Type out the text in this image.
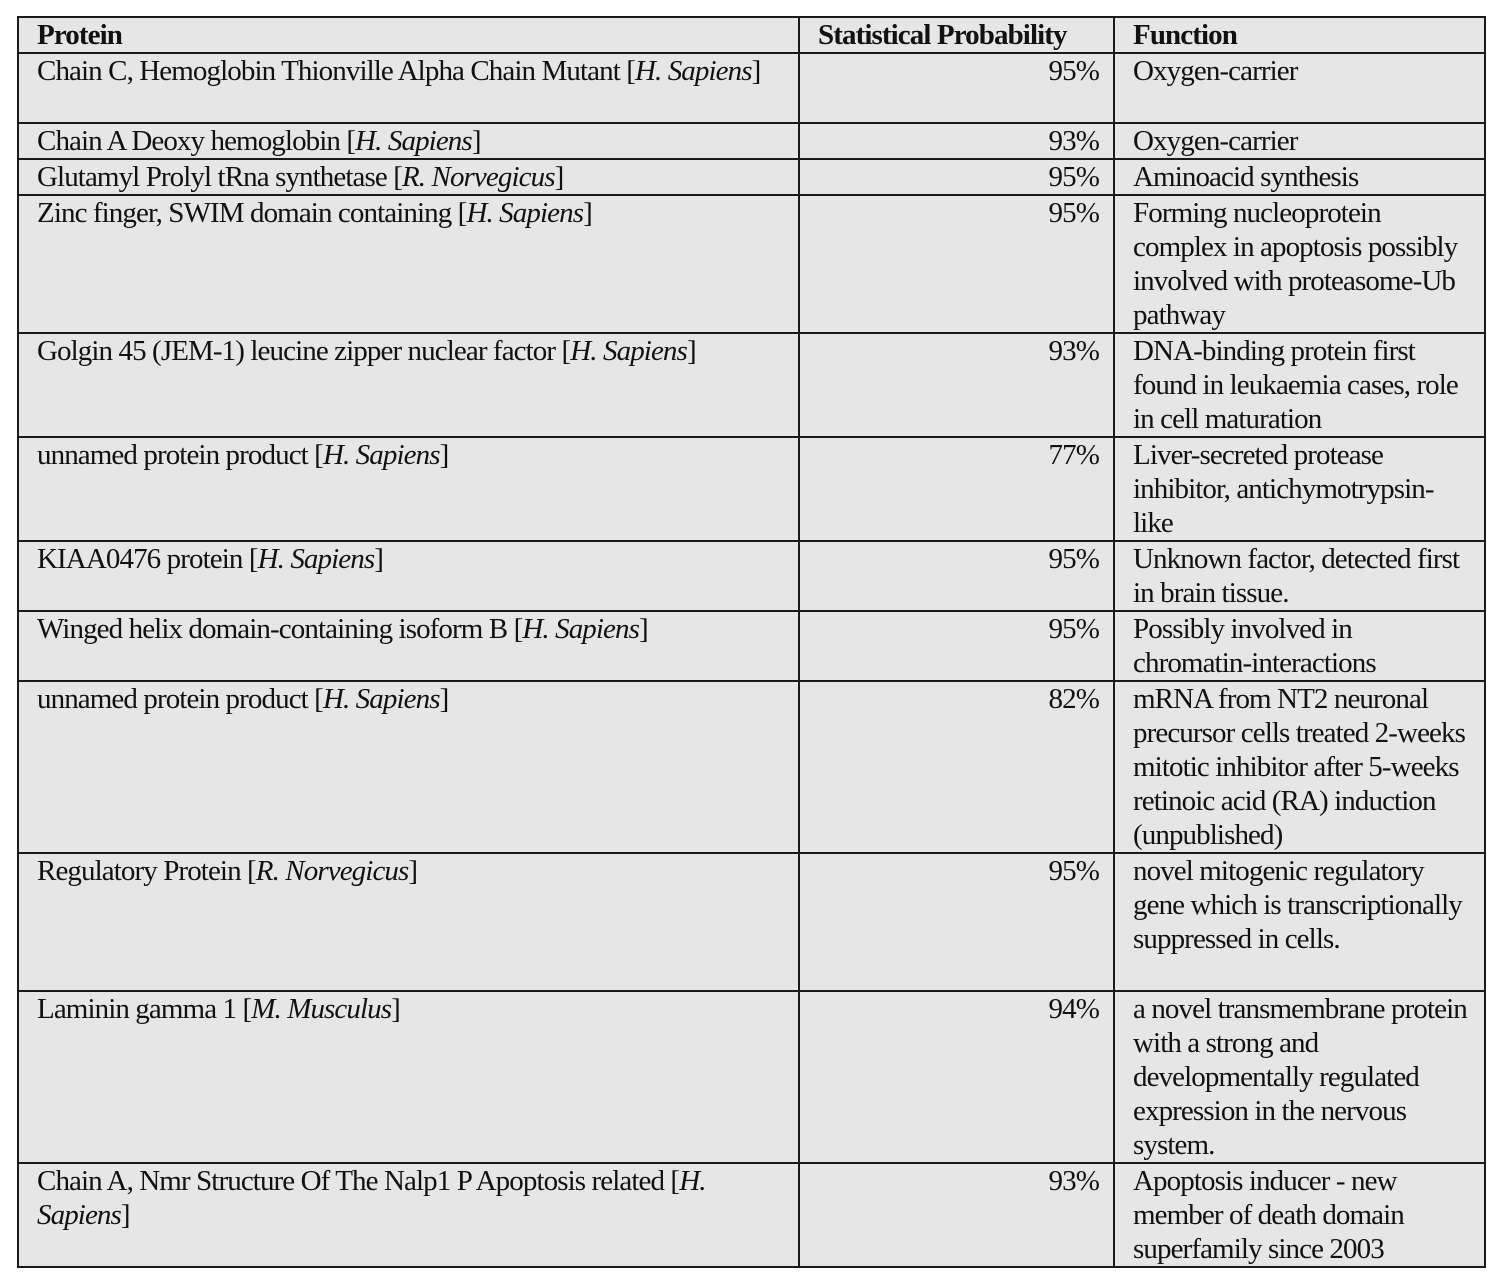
Protein	Statistical Probability	Function
Chain C, Hemoglobin Thionville Alpha Chain Mutant [H. Sapiens]	95%	Oxygen-carrier
Chain A Deoxy hemoglobin [H. Sapiens]	93%	Oxygen-carrier
Glutamyl Prolyl tRna synthetase [R. Norvegicus]	95%	Aminoacid synthesis
Zinc finger, SWIM domain containing [H. Sapiens]	95%	Forming nucleoprotein complex in apoptosis possibly involved with proteasome-Ub pathway
Golgin 45 (JEM-1) leucine zipper nuclear factor [H. Sapiens]	93%	DNA-binding protein first found in leukaemia cases, role in cell maturation
unnamed protein product [H. Sapiens]	77%	Liver-secreted protease inhibitor, antichymotrypsin-like
KIAA0476 protein [H. Sapiens]	95%	Unknown factor, detected first in brain tissue.
Winged helix domain-containing isoform B [H. Sapiens]	95%	Possibly involved in chromatin-interactions
unnamed protein product [H. Sapiens]	82%	mRNA from NT2 neuronal precursor cells treated 2-weeks mitotic inhibitor after 5-weeks retinoic acid (RA) induction (unpublished)
Regulatory Protein [R. Norvegicus]	95%	novel mitogenic regulatory gene which is transcriptionally suppressed in cells.
Laminin gamma 1 [M. Musculus]	94%	a novel transmembrane protein with a strong and developmentally regulated expression in the nervous system.
Chain A, Nmr Structure Of The Nalp1 P Apoptosis related [H. Sapiens]	93%	Apoptosis inducer - new member of death domain superfamily since 2003
